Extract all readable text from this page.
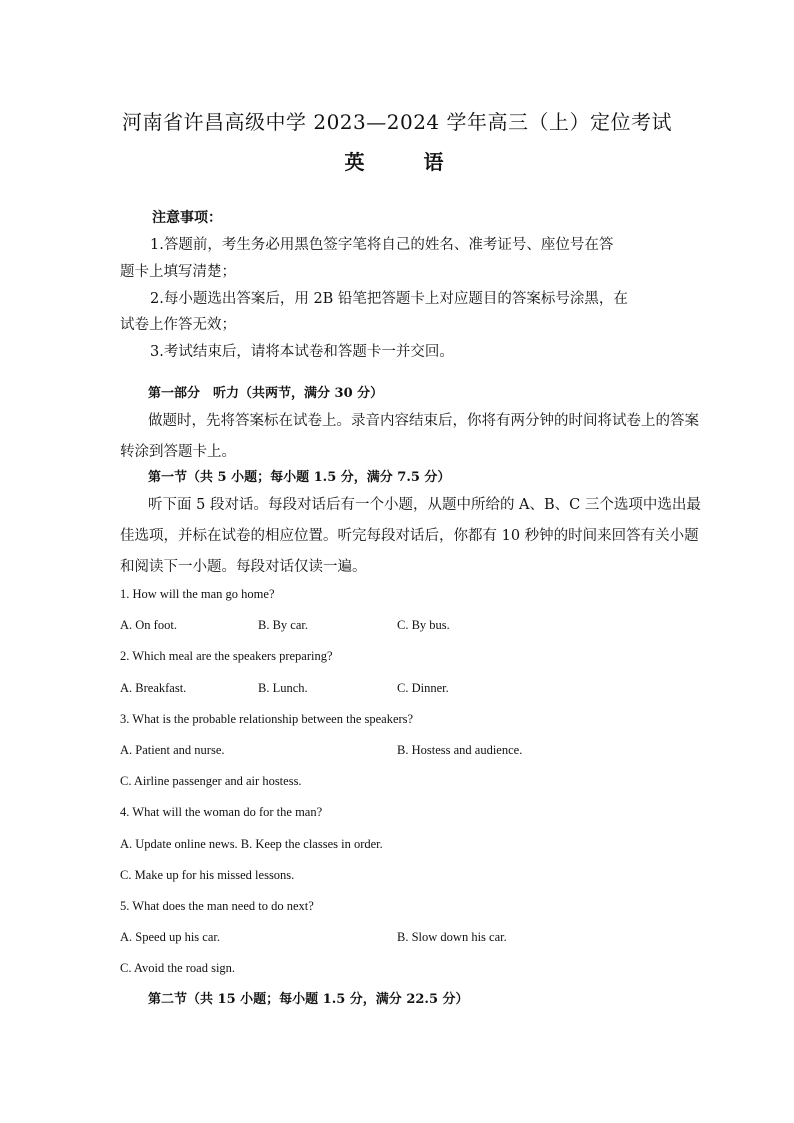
河南省许昌高级中学 2023—2024 学年高三（上）定位考试
英 语
注意事项：
1.答题前，考生务必用黑色签字笔将自己的姓名、准考证号、座位号在答
题卡上填写清楚；
2.每小题选出答案后，用 2B 铅笔把答题卡上对应题目的答案标号涂黑，在
试卷上作答无效；
3.考试结束后，请将本试卷和答题卡一并交回。
第一部分　听力（共两节，满分 30 分）
做题时，先将答案标在试卷上。录音内容结束后，你将有两分钟的时间将试卷上的答案
转涂到答题卡上。
第一节（共 5 小题；每小题 1.5 分，满分 7.5 分）
听下面 5 段对话。每段对话后有一个小题，从题中所给的 A、B、C 三个选项中选出最
佳选项，并标在试卷的相应位置。听完每段对话后，你都有 10 秒钟的时间来回答有关小题
和阅读下一小题。每段对话仅读一遍。
1. How will the man go home?
A. On foot.	B. By car.	C. By bus.
2. Which meal are the speakers preparing?
A. Breakfast.	B. Lunch.	C. Dinner.
3. What is the probable relationship between the speakers?
A. Patient and nurse.	B. Hostess and audience.
C. Airline passenger and air hostess.
4. What will the woman do for the man?
A. Update online news. B. Keep the classes in order.
C. Make up for his missed lessons.
5. What does the man need to do next?
A. Speed up his car.	B. Slow down his car.
C. Avoid the road sign.
第二节（共 15 小题；每小题 1.5 分，满分 22.5 分）
